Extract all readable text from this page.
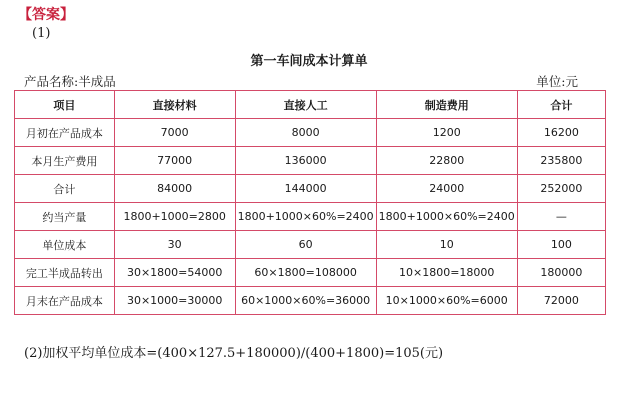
【答案】
(1)
第一车间成本计算单
产品名称:半成品	单位:元
项目	直接材料	直接人工	制造费用	合计
月初在产品成本	7000	8000	1200	16200
本月生产费用	77000	136000	22800	235800
合计	84000	144000	24000	252000
约当产量	1800+1000=2800	1800+1000×60%=2400	1800+1000×60%=2400	—
单位成本	30	60	10	100
完工半成品转出	30×1800=54000	60×1800=108000	10×1800=18000	180000
月末在产品成本	30×1000=30000	60×1000×60%=36000	10×1000×60%=6000	72000
(2)加权平均单位成本=(400×127.5+180000)/(400+1800)=105(元)
